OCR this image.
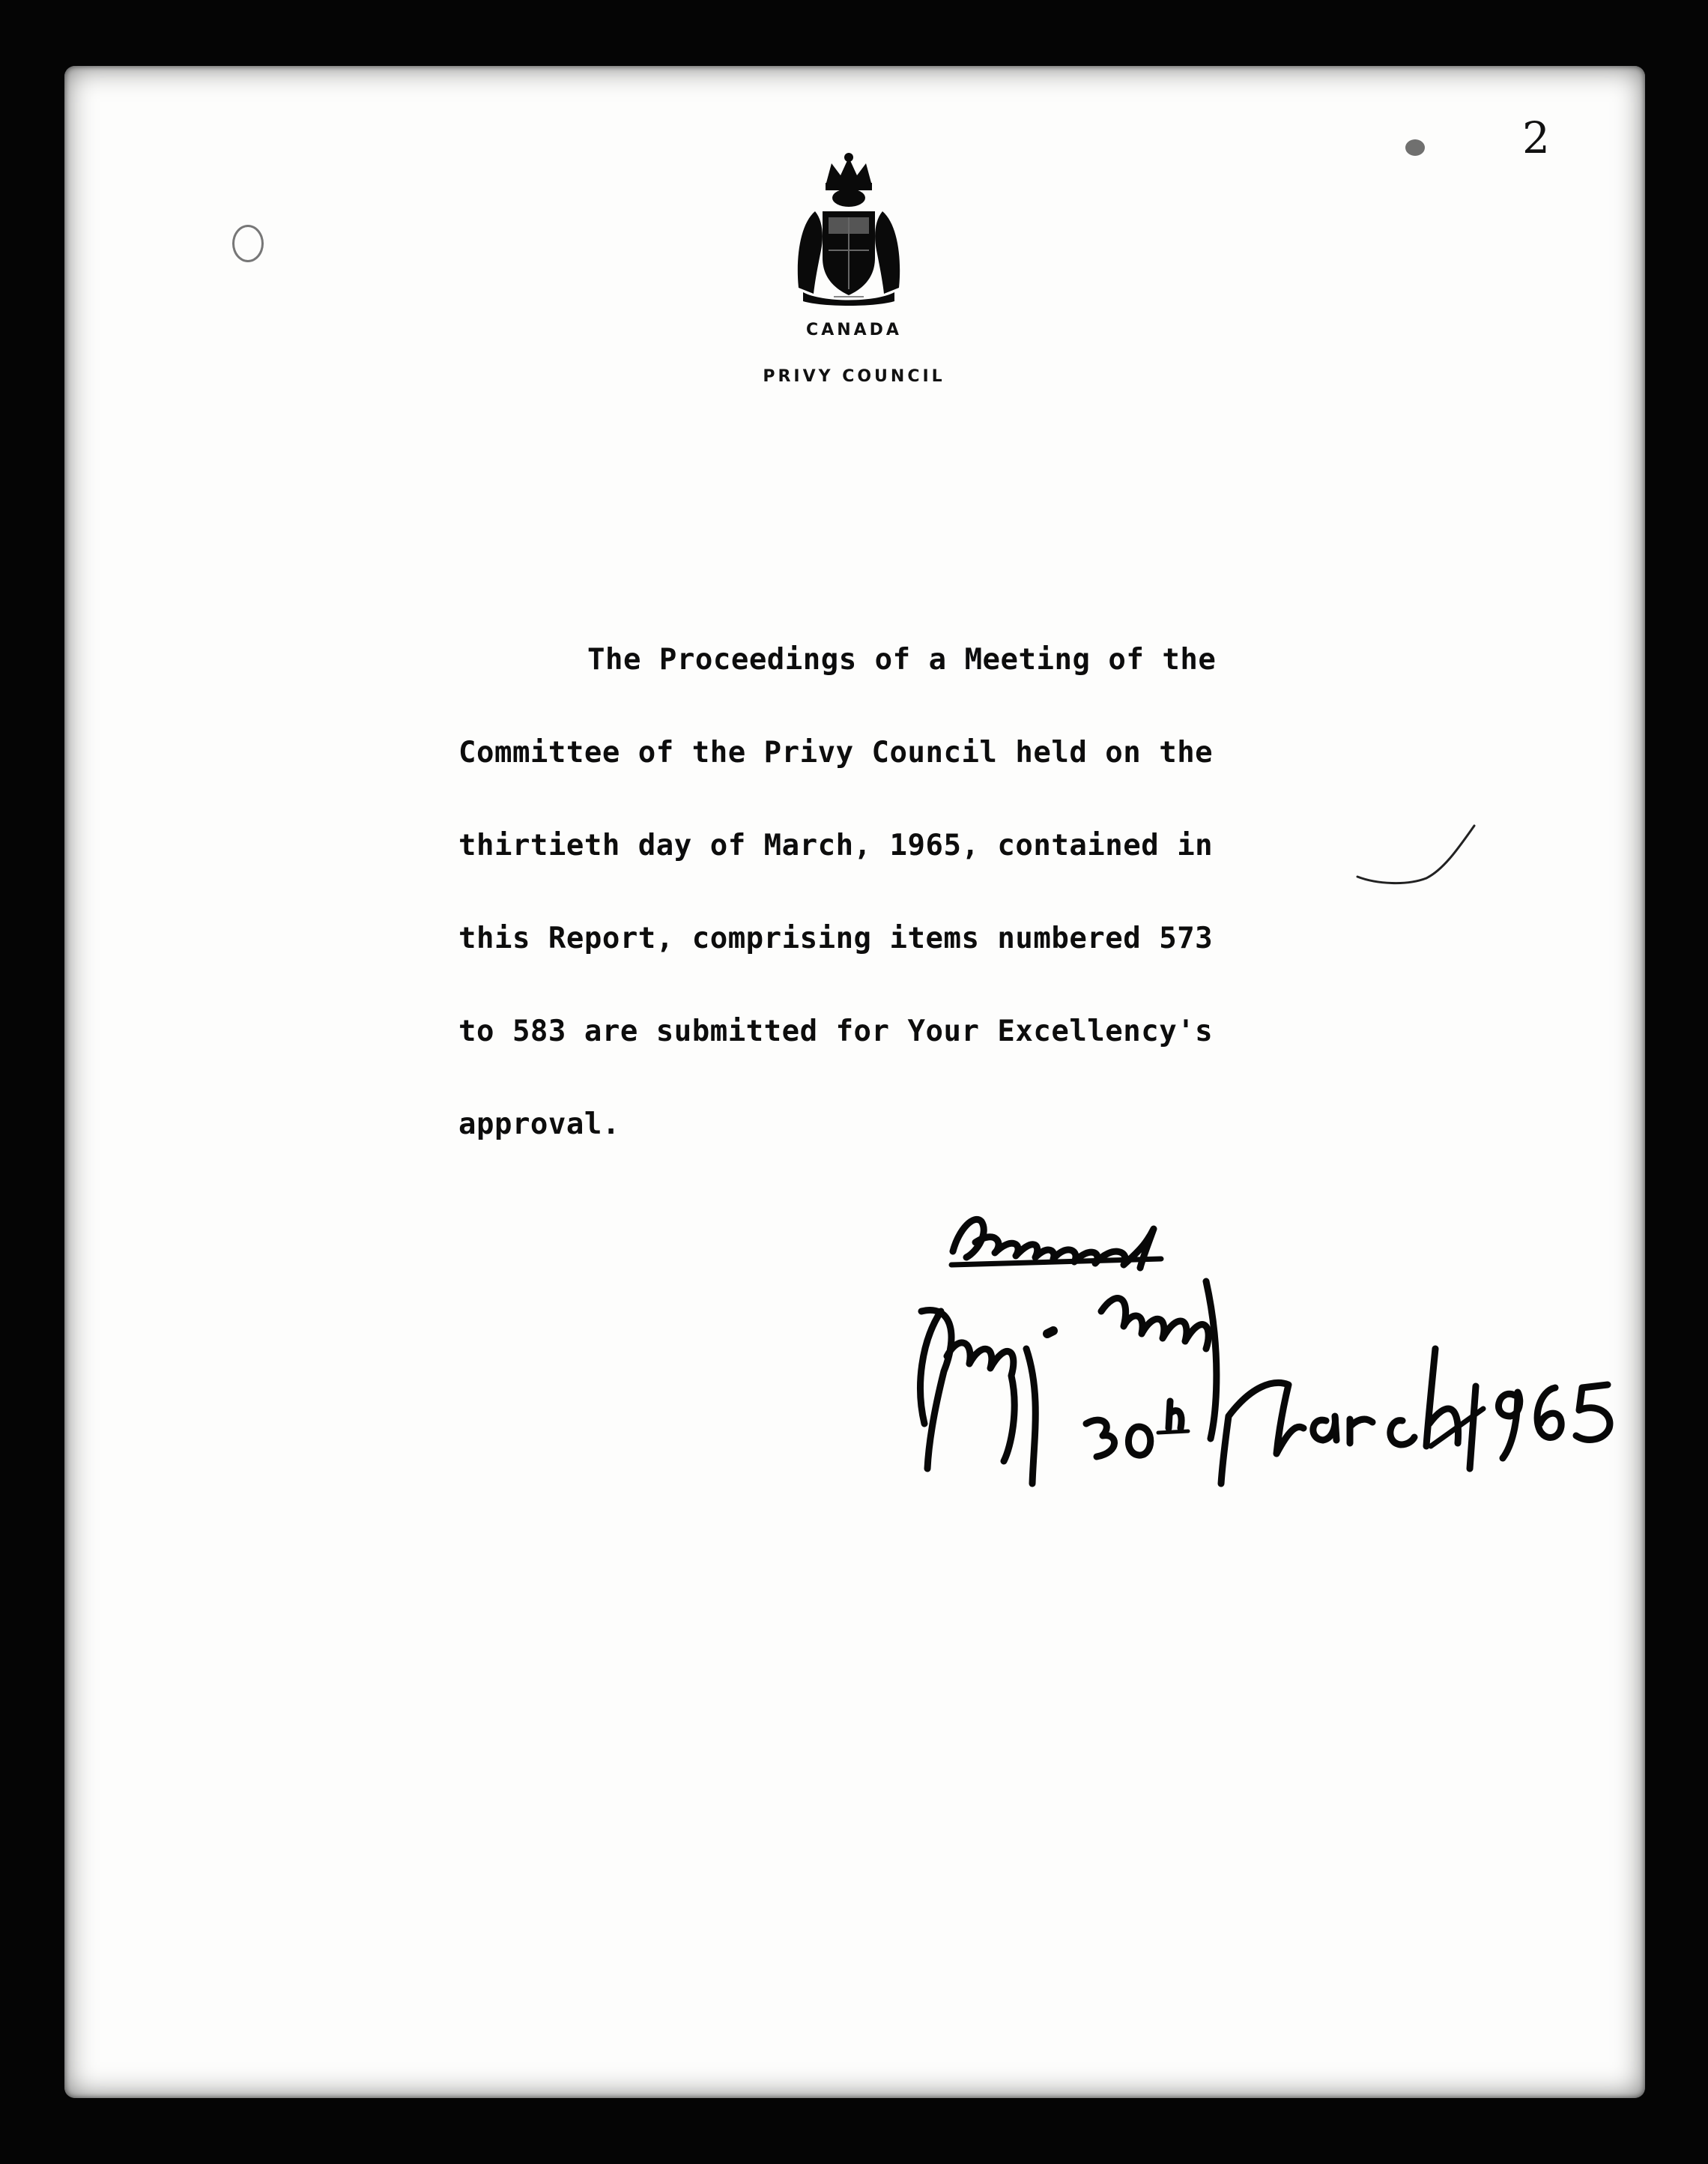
2
CANADA
PRIVY COUNCIL
The Proceedings of a Meeting of the
Committee of the Privy Council held on the
thirtieth day of March, 1965, contained in
this Report, comprising items numbered 573
to 583 are submitted for Your Excellency's
approval.
